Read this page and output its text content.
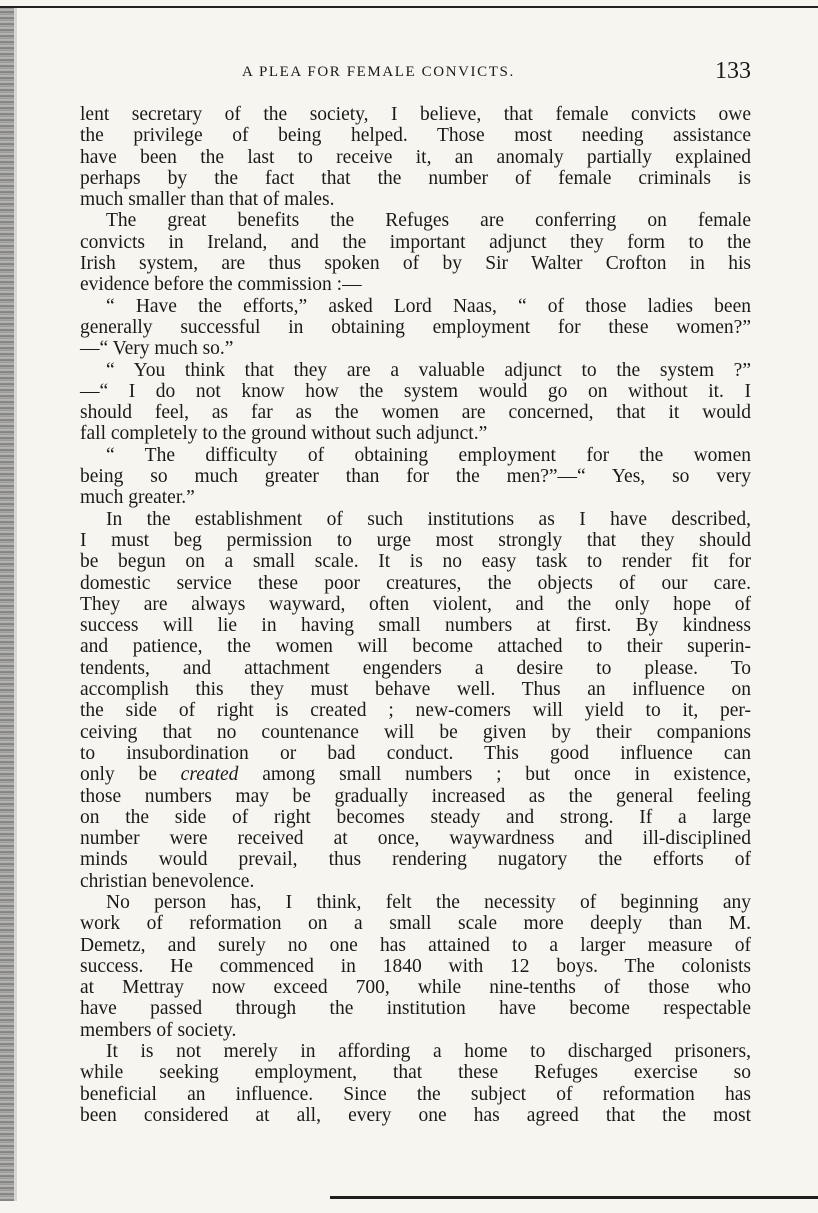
A PLEA FOR FEMALE CONVICTS.	133
lent secretary of the society, I believe, that female convicts owe
the privilege of being helped. Those most needing assistance
have been the last to receive it, an anomaly partially explained
perhaps by the fact that the number of female criminals is
much smaller than that of males.
The great benefits the Refuges are conferring on female
convicts in Ireland, and the important adjunct they form to the
Irish system, are thus spoken of by Sir Walter Crofton in his
evidence before the commission :—
“ Have the efforts,” asked Lord Naas, “ of those ladies been
generally successful in obtaining employment for these women?”
—“ Very much so.”
“ You think that they are a valuable adjunct to the system ?”
—“ I do not know how the system would go on without it. I
should feel, as far as the women are concerned, that it would
fall completely to the ground without such adjunct.”
“ The difficulty of obtaining employment for the women
being so much greater than for the men?”—“ Yes, so very
much greater.”
In the establishment of such institutions as I have described,
I must beg permission to urge most strongly that they should
be begun on a small scale. It is no easy task to render fit for
domestic service these poor creatures, the objects of our care.
They are always wayward, often violent, and the only hope of
success will lie in having small numbers at first. By kindness
and patience, the women will become attached to their superin-
tendents, and attachment engenders a desire to please. To
accomplish this they must behave well. Thus an influence on
the side of right is created ; new-comers will yield to it, per-
ceiving that no countenance will be given by their companions
to insubordination or bad conduct. This good influence can
only be created among small numbers ; but once in existence,
those numbers may be gradually increased as the general feeling
on the side of right becomes steady and strong. If a large
number were received at once, waywardness and ill-disciplined
minds would prevail, thus rendering nugatory the efforts of
christian benevolence.
No person has, I think, felt the necessity of beginning any
work of reformation on a small scale more deeply than M.
Demetz, and surely no one has attained to a larger measure of
success. He commenced in 1840 with 12 boys. The colonists
at Mettray now exceed 700, while nine-tenths of those who
have passed through the institution have become respectable
members of society.
It is not merely in affording a home to discharged prisoners,
while seeking employment, that these Refuges exercise so
beneficial an influence. Since the subject of reformation has
been considered at all, every one has agreed that the most
